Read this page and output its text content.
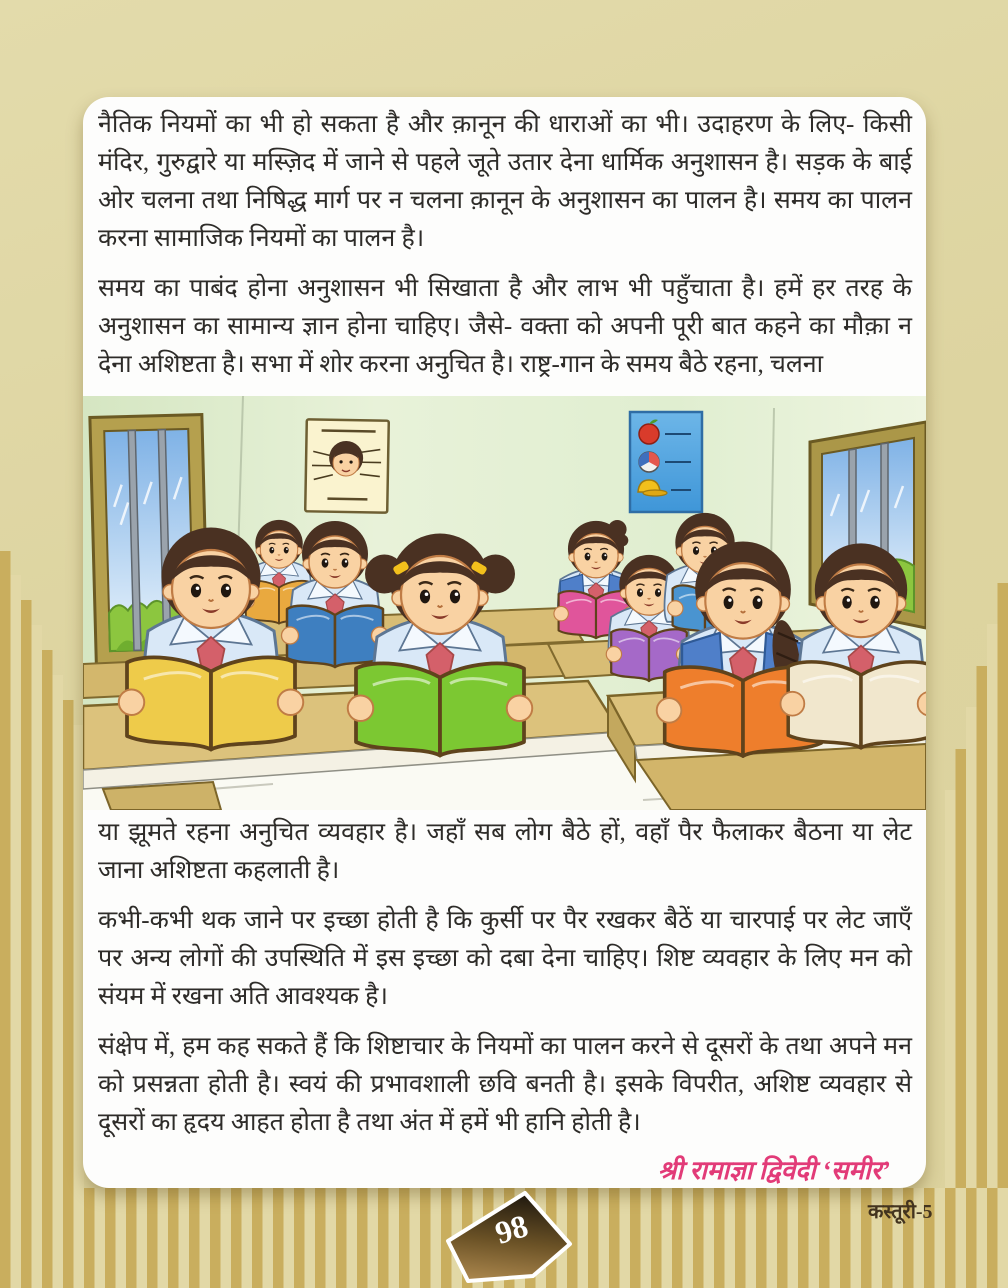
नैतिक नियमों का भी हो सकता है और क़ानून की धाराओं का भी। उदाहरण के लिए- किसी मंदिर, गुरुद्वारे या मस्ज़िद में जाने से पहले जूते उतार देना धार्मिक अनुशासन है। सड़क के बाई ओर चलना तथा निषिद्ध मार्ग पर न चलना क़ानून के अनुशासन का पालन है। समय का पालन करना सामाजिक नियमों का पालन है।

समय का पाबंद होना अनुशासन भी सिखाता है और लाभ भी पहुँचाता है। हमें हर तरह के अनुशासन का सामान्य ज्ञान होना चाहिए। जैसे- वक्ता को अपनी पूरी बात कहने का मौक़ा न देना अशिष्टता है। सभा में शोर करना अनुचित है। राष्ट्र-गान के समय बैठे रहना, चलना

या झूमते रहना अनुचित व्यवहार है। जहाँ सब लोग बैठे हों, वहाँ पैर फैलाकर बैठना या लेट जाना अशिष्टता कहलाती है।

कभी-कभी थक जाने पर इच्छा होती है कि कुर्सी पर पैर रखकर बैठें या चारपाई पर लेट जाएँ पर अन्य लोगों की उपस्थिति में इस इच्छा को दबा देना चाहिए। शिष्ट व्यवहार के लिए मन को संयम में रखना अति आवश्यक है।

संक्षेप में, हम कह सकते हैं कि शिष्टाचार के नियमों का पालन करने से दूसरों के तथा अपने मन को प्रसन्नता होती है। स्वयं की प्रभावशाली छवि बनती है। इसके विपरीत, अशिष्ट व्यवहार से दूसरों का हृदय आहत होता है तथा अंत में हमें भी हानि होती है।

श्री रामाज्ञा द्विवेदी ‘समीर’

98	कस्तूरी-5
